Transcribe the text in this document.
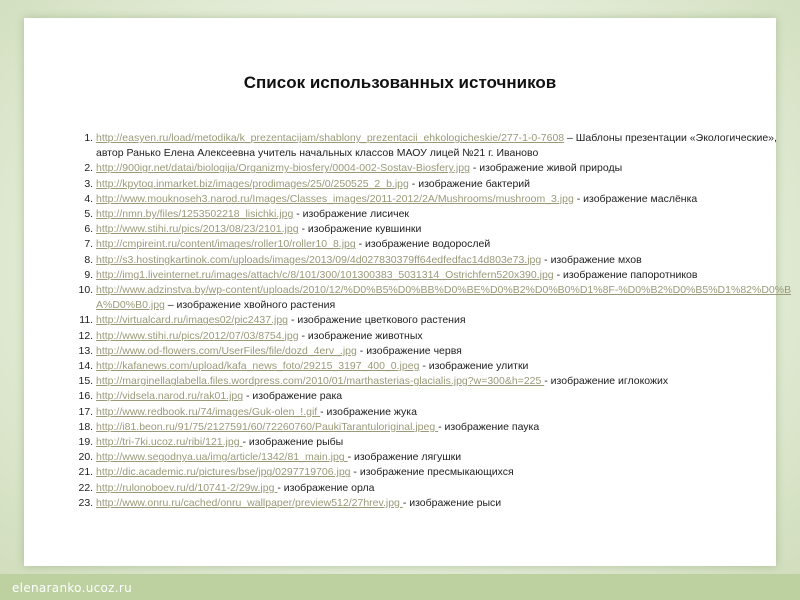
elenaranko.ucoz.ru
Список использованных источников
1. http://easyen.ru/load/metodika/k_prezentacijam/shablony_prezentacii_ehkologicheskie/277-1-0-7608 – Шаблоны презентации «Экологические», автор Ранько Елена Алексеевна учитель начальных классов МАОУ лицей №21 г. Иваново
2. http://900igr.net/datai/biologija/Organizmy-biosfery/0004-002-Sostav-Biosfery.jpg - изображение живой природы
3. http://kpytoq.inmarket.biz/images/prodimages/25/0/250525_2_b.jpg - изображение бактерий
4. http://www.mouknoseh3.narod.ru/Images/Classes_images/2011-2012/2A/Mushrooms/mushroom_3.jpg - изображение маслёнка
5. http://nmn.by/files/1253502218_lisichki.jpg - изображение лисичек
6. http://www.stihi.ru/pics/2013/08/23/2101.jpg - изображение кувшинки
7. http://cmpireint.ru/content/images/roller10/roller10_8.jpg - изображение водорослей
8. http://s3.hostingkartinok.com/uploads/images/2013/09/4d027830379ff64edfedfac14d803e73.jpg - изображение мхов
9. http://img1.liveinternet.ru/images/attach/c/8/101/300/101300383_5031314_Ostrichfern520x390.jpg - изображение папоротников
10. http://www.adzinstva.by/wp-content/uploads/2010/12/%D0%B5%D0%BB%D0%BE%D0%B2%D0%B0%D1%8F-%D0%B2%D0%B5%D1%82%D0%BA%D0%B0.jpg – изображение хвойного растения
11. http://virtualcard.ru/images02/pic2437.jpg - изображение цветкового растения
12. http://www.stihi.ru/pics/2012/07/03/8754.jpg - изображение животных
13. http://www.od-flowers.com/UserFiles/file/dozd_4erv_.jpg - изображение червя
14. http://kafanews.com/upload/kafa_news_foto/29215_3197_400_0.jpeg - изображение улитки
15. http://marginellaglabella.files.wordpress.com/2010/01/marthasterias-glacialis.jpg?w=300&h=225 - изображение иглокожих
16. http://vidsela.narod.ru/rak01.jpg - изображение рака
17. http://www.redbook.ru/74/images/Guk-olen_!.gif - изображение жука
18. http://i81.beon.ru/91/75/2127591/60/72260760/PaukiTarantuloriginal.jpeg - изображение паука
19. http://tri-7ki.ucoz.ru/ribi/121.jpg - изображение рыбы
20. http://www.segodnya.ua/img/article/1342/81_main.jpg - изображение лягушки
21. http://dic.academic.ru/pictures/bse/jpg/0297719706.jpg - изображение пресмыкающихся
22. http://rulonoboev.ru/d/10741-2/29w.jpg - изображение орла
23. http://www.onru.ru/cached/onru_wallpaper/preview512/27hrev.jpg - изображение рыси
